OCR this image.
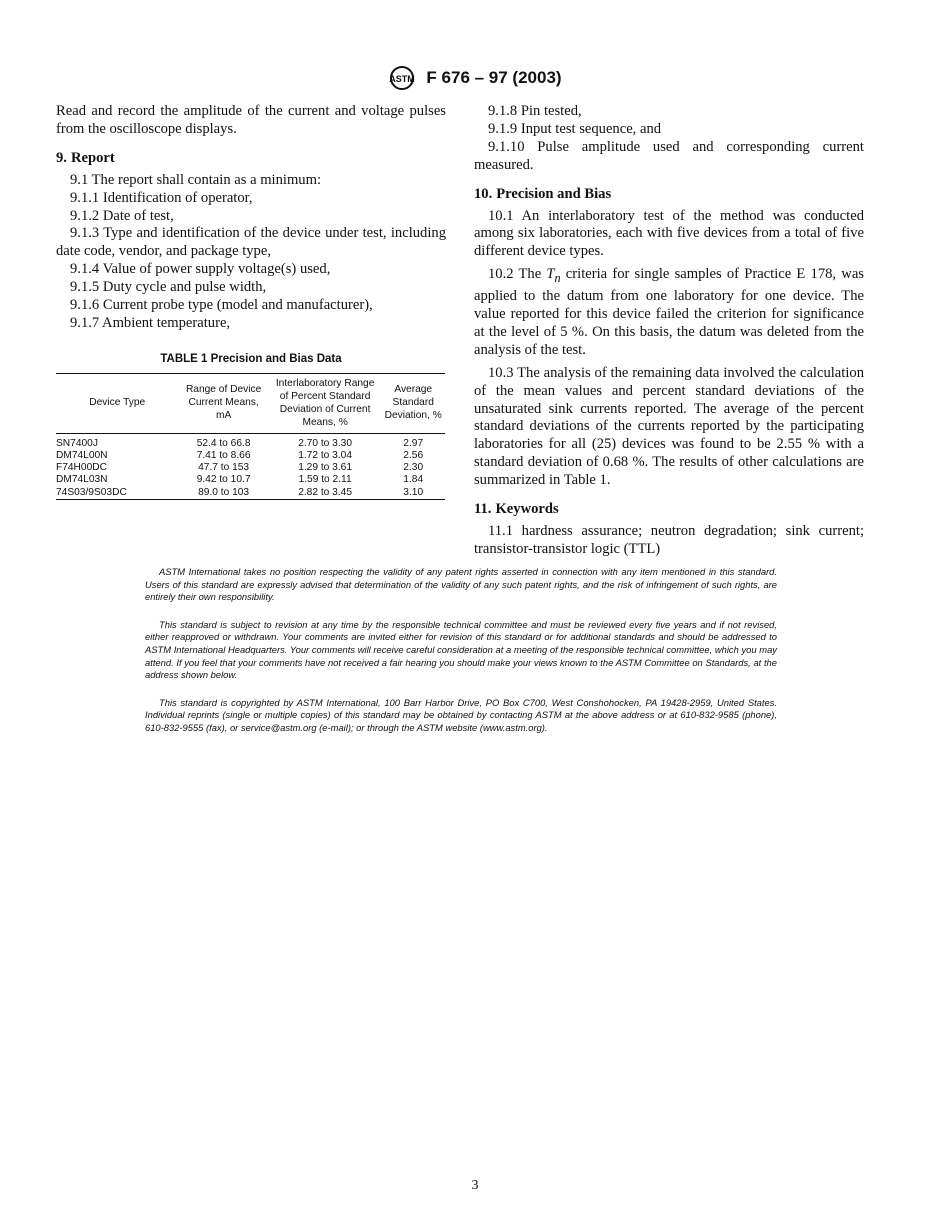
ASTM F 676 – 97 (2003)

Read and record the amplitude of the current and voltage pulses from the oscilloscope displays.

9. Report

9.1 The report shall contain as a minimum:

9.1.1 Identification of operator,

9.1.2 Date of test,

9.1.3 Type and identification of the device under test, including date code, vendor, and package type,

9.1.4 Value of power supply voltage(s) used,

9.1.5 Duty cycle and pulse width,

9.1.6 Current probe type (model and manufacturer),

9.1.7 Ambient temperature,

TABLE 1 Precision and Bias Data
Device Type	Range of Device Current Means, mA	Interlaboratory Range of Percent Standard Deviation of Current Means, %	Average Standard Deviation, %
SN7400J	52.4 to 66.8	2.70 to 3.30	2.97
DM74L00N	7.41 to 8.66	1.72 to 3.04	2.56
F74H00DC	47.7 to 153	1.29 to 3.61	2.30
DM74L03N	9.42 to 10.7	1.59 to 2.11	1.84
74S03/9S03DC	89.0 to 103	2.82 to 3.45	3.10

9.1.8 Pin tested,

9.1.9 Input test sequence, and

9.1.10 Pulse amplitude used and corresponding current measured.

10. Precision and Bias

10.1 An interlaboratory test of the method was conducted among six laboratories, each with five devices from a total of five different device types.

10.2 The $T_n$ criteria for single samples of Practice E 178, was applied to the datum from one laboratory for one device. The value reported for this device failed the criterion for significance at the level of 5 %. On this basis, the datum was deleted from the analysis of the test.

10.3 The analysis of the remaining data involved the calculation of the mean values and percent standard deviations of the unsaturated sink currents reported. The average of the percent standard deviations of the currents reported by the participating laboratories for all (25) devices was found to be 2.55 % with a standard deviation of 0.68 %. The results of other calculations are summarized in Table 1.

11. Keywords

11.1 hardness assurance; neutron degradation; sink current; transistor-transistor logic (TTL)

ASTM International takes no position respecting the validity of any patent rights asserted in connection with any item mentioned in this standard. Users of this standard are expressly advised that determination of the validity of any such patent rights, and the risk of infringement of such rights, are entirely their own responsibility.

This standard is subject to revision at any time by the responsible technical committee and must be reviewed every five years and if not revised, either reapproved or withdrawn. Your comments are invited either for revision of this standard or for additional standards and should be addressed to ASTM International Headquarters. Your comments will receive careful consideration at a meeting of the responsible technical committee, which you may attend. If you feel that your comments have not received a fair hearing you should make your views known to the ASTM Committee on Standards, at the address shown below.

This standard is copyrighted by ASTM International, 100 Barr Harbor Drive, PO Box C700, West Conshohocken, PA 19428-2959, United States. Individual reprints (single or multiple copies) of this standard may be obtained by contacting ASTM at the above address or at 610-832-9585 (phone), 610-832-9555 (fax), or service@astm.org (e-mail); or through the ASTM website (www.astm.org).

3
